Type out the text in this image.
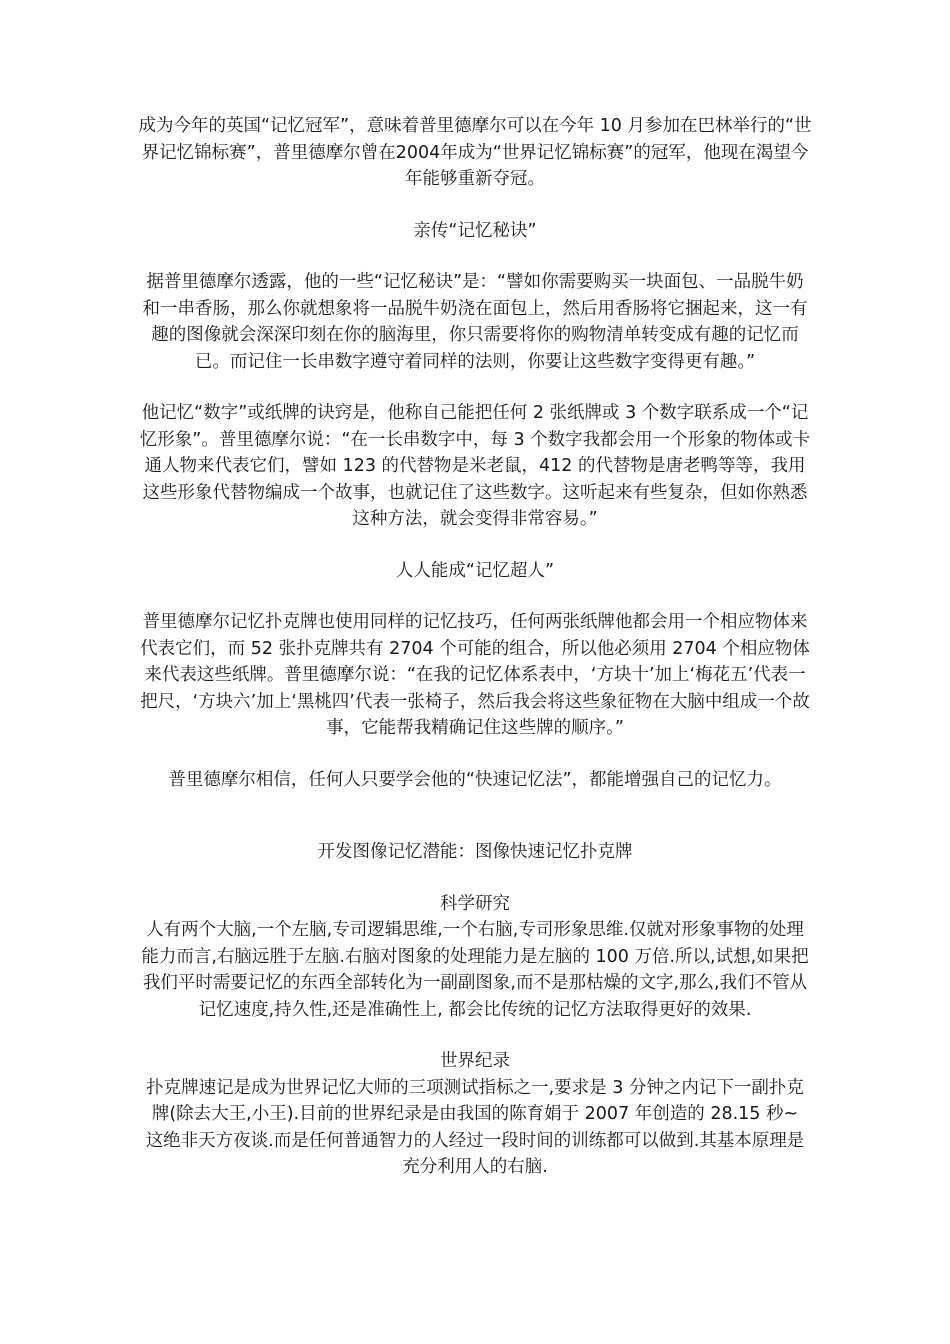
成为今年的英国“记忆冠军”，意味着普里德摩尔可以在今年 10 月参加在巴林举行的“世界记忆锦标赛”，普里德摩尔曾在2004年成为“世界记忆锦标赛”的冠军，他现在渴望今年能够重新夺冠。

亲传“记忆秘诀”

据普里德摩尔透露，他的一些“记忆秘诀”是：“譬如你需要购买一块面包、一品脱牛奶和一串香肠，那么你就想象将一品脱牛奶浇在面包上，然后用香肠将它捆起来，这一有趣的图像就会深深印刻在你的脑海里，你只需要将你的购物清单转变成有趣的记忆而已。而记住一长串数字遵守着同样的法则，你要让这些数字变得更有趣。”

他记忆“数字”或纸牌的诀窍是，他称自己能把任何 2 张纸牌或 3 个数字联系成一个“记忆形象”。普里德摩尔说：“在一长串数字中，每 3 个数字我都会用一个形象的物体或卡通人物来代表它们，譬如 123 的代替物是米老鼠，412 的代替物是唐老鸭等等，我用这些形象代替物编成一个故事，也就记住了这些数字。这听起来有些复杂，但如你熟悉这种方法，就会变得非常容易。”

人人能成“记忆超人”

普里德摩尔记忆扑克牌也使用同样的记忆技巧，任何两张纸牌他都会用一个相应物体来代表它们，而 52 张扑克牌共有 2704 个可能的组合，所以他必须用 2704 个相应物体来代表这些纸牌。普里德摩尔说：“在我的记忆体系表中，‘方块十’加上‘梅花五’代表一把尺，‘方块六’加上‘黑桃四’代表一张椅子，然后我会将这些象征物在大脑中组成一个故事，它能帮我精确记住这些牌的顺序。”

普里德摩尔相信，任何人只要学会他的“快速记忆法”，都能增强自己的记忆力。

开发图像记忆潜能：图像快速记忆扑克牌

科学研究

人有两个大脑,一个左脑,专司逻辑思维,一个右脑,专司形象思维.仅就对形象事物的处理能力而言,右脑远胜于左脑.右脑对图象的处理能力是左脑的 100 万倍.所以,试想,如果把我们平时需要记忆的东西全部转化为一副副图象,而不是那枯燥的文字,那么,我们不管从记忆速度,持久性,还是准确性上, 都会比传统的记忆方法取得更好的效果.

世界纪录

扑克牌速记是成为世界记忆大师的三项测试指标之一,要求是 3 分钟之内记下一副扑克牌(除去大王,小王).目前的世界纪录是由我国的陈育娟于 2007 年创造的 28.15 秒~

这绝非天方夜谈.而是任何普通智力的人经过一段时间的训练都可以做到.其基本原理是充分利用人的右脑.
